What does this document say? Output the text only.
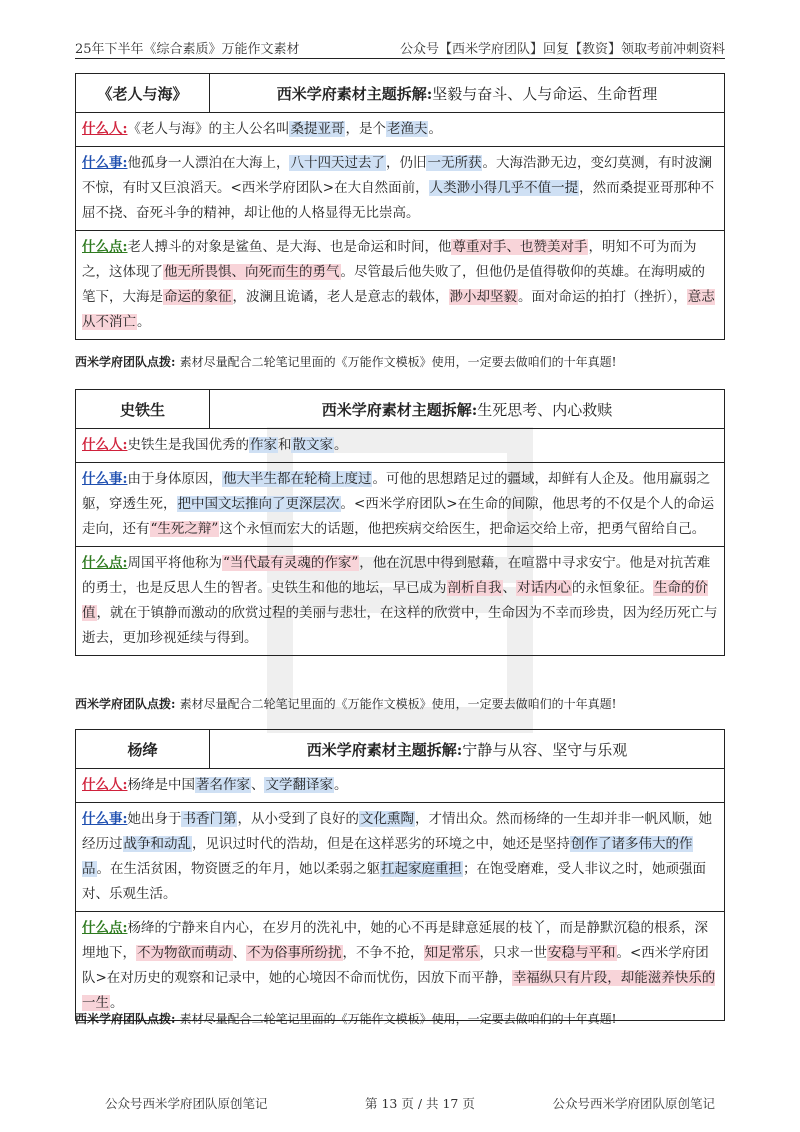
25年下半年《综合素质》万能作文素材	公众号【西米学府团队】回复【教资】领取考前冲刺资料
《老人与海》	西米学府素材主题拆解: 坚毅与奋斗、人与命运、生命哲理
什么人:《老人与海》的主人公名叫桑提亚哥，是个老渔夫。
什么事:他孤身一人漂泊在大海上，八十四天过去了，仍旧一无所获。大海浩渺无边，变幻莫测，有时波澜不惊，有时又巨浪滔天。<西米学府团队>在大自然面前，人类渺小得几乎不值一提，然而桑提亚哥那种不屈不挠、奋死斗争的精神，却让他的人格显得无比崇高。
什么点:老人搏斗的对象是鲨鱼、是大海、也是命运和时间，他尊重对手、也赞美对手，明知不可为而为之，这体现了他无所畏惧、向死而生的勇气。尽管最后他失败了，但他仍是值得敬仰的英雄。在海明威的笔下，大海是命运的象征，波澜且诡谲，老人是意志的载体，渺小却坚毅。面对命运的拍打（挫折），意志从不消亡。
西米学府团队点拨: 素材尽量配合二轮笔记里面的《万能作文模板》使用，一定要去做咱们的十年真题!
史铁生	西米学府素材主题拆解: 生死思考、内心救赎
什么人:史铁生是我国优秀的作家和散文家。
什么事:由于身体原因，他大半生都在轮椅上度过。可他的思想踏足过的疆域，却鲜有人企及。他用羸弱之躯，穿透生死，把中国文坛推向了更深层次。<西米学府团队>在生命的间隙，他思考的不仅是个人的命运走向，还有“生死之辩”这个永恒而宏大的话题，他把疾病交给医生，把命运交给上帝，把勇气留给自己。
什么点:周国平将他称为“当代最有灵魂的作家”，他在沉思中得到慰藉，在喧嚣中寻求安宁。他是对抗苦难的勇士，也是反思人生的智者。史铁生和他的地坛，早已成为剖析自我、对话内心的永恒象征。生命的价值，就在于镇静而激动的欣赏过程的美丽与悲壮，在这样的欣赏中，生命因为不幸而珍贵，因为经历死亡与逝去，更加珍视延续与得到。
西米学府团队点拨: 素材尽量配合二轮笔记里面的《万能作文模板》使用，一定要去做咱们的十年真题!
杨绛	西米学府素材主题拆解: 宁静与从容、坚守与乐观
什么人:杨绛是中国著名作家、文学翻译家。
什么事:她出身于书香门第，从小受到了良好的文化熏陶，才情出众。然而杨绛的一生却并非一帆风顺，她经历过战争和动乱，见识过时代的浩劫，但是在这样恶劣的环境之中，她还是坚持创作了诸多伟大的作品。在生活贫困，物资匮乏的年月，她以柔弱之躯扛起家庭重担；在饱受磨难，受人非议之时，她顽强面对、乐观生活。
什么点:杨绛的宁静来自内心，在岁月的洗礼中，她的心不再是肆意延展的枝丫，而是静默沉稳的根系，深埋地下，不为物欲而萌动、不为俗事所纷扰，不争不抢，知足常乐，只求一世安稳与平和。<西米学府团队>在对历史的观察和记录中，她的心境因不命而忧伤，因放下而平静，幸福纵只有片段，却能滋养快乐的一生。
西米学府团队点拨: 素材尽量配合二轮笔记里面的《万能作文模板》使用，一定要去做咱们的十年真题!
公众号西米学府团队原创笔记	第 13 页 / 共 17 页	公众号西米学府团队原创笔记
